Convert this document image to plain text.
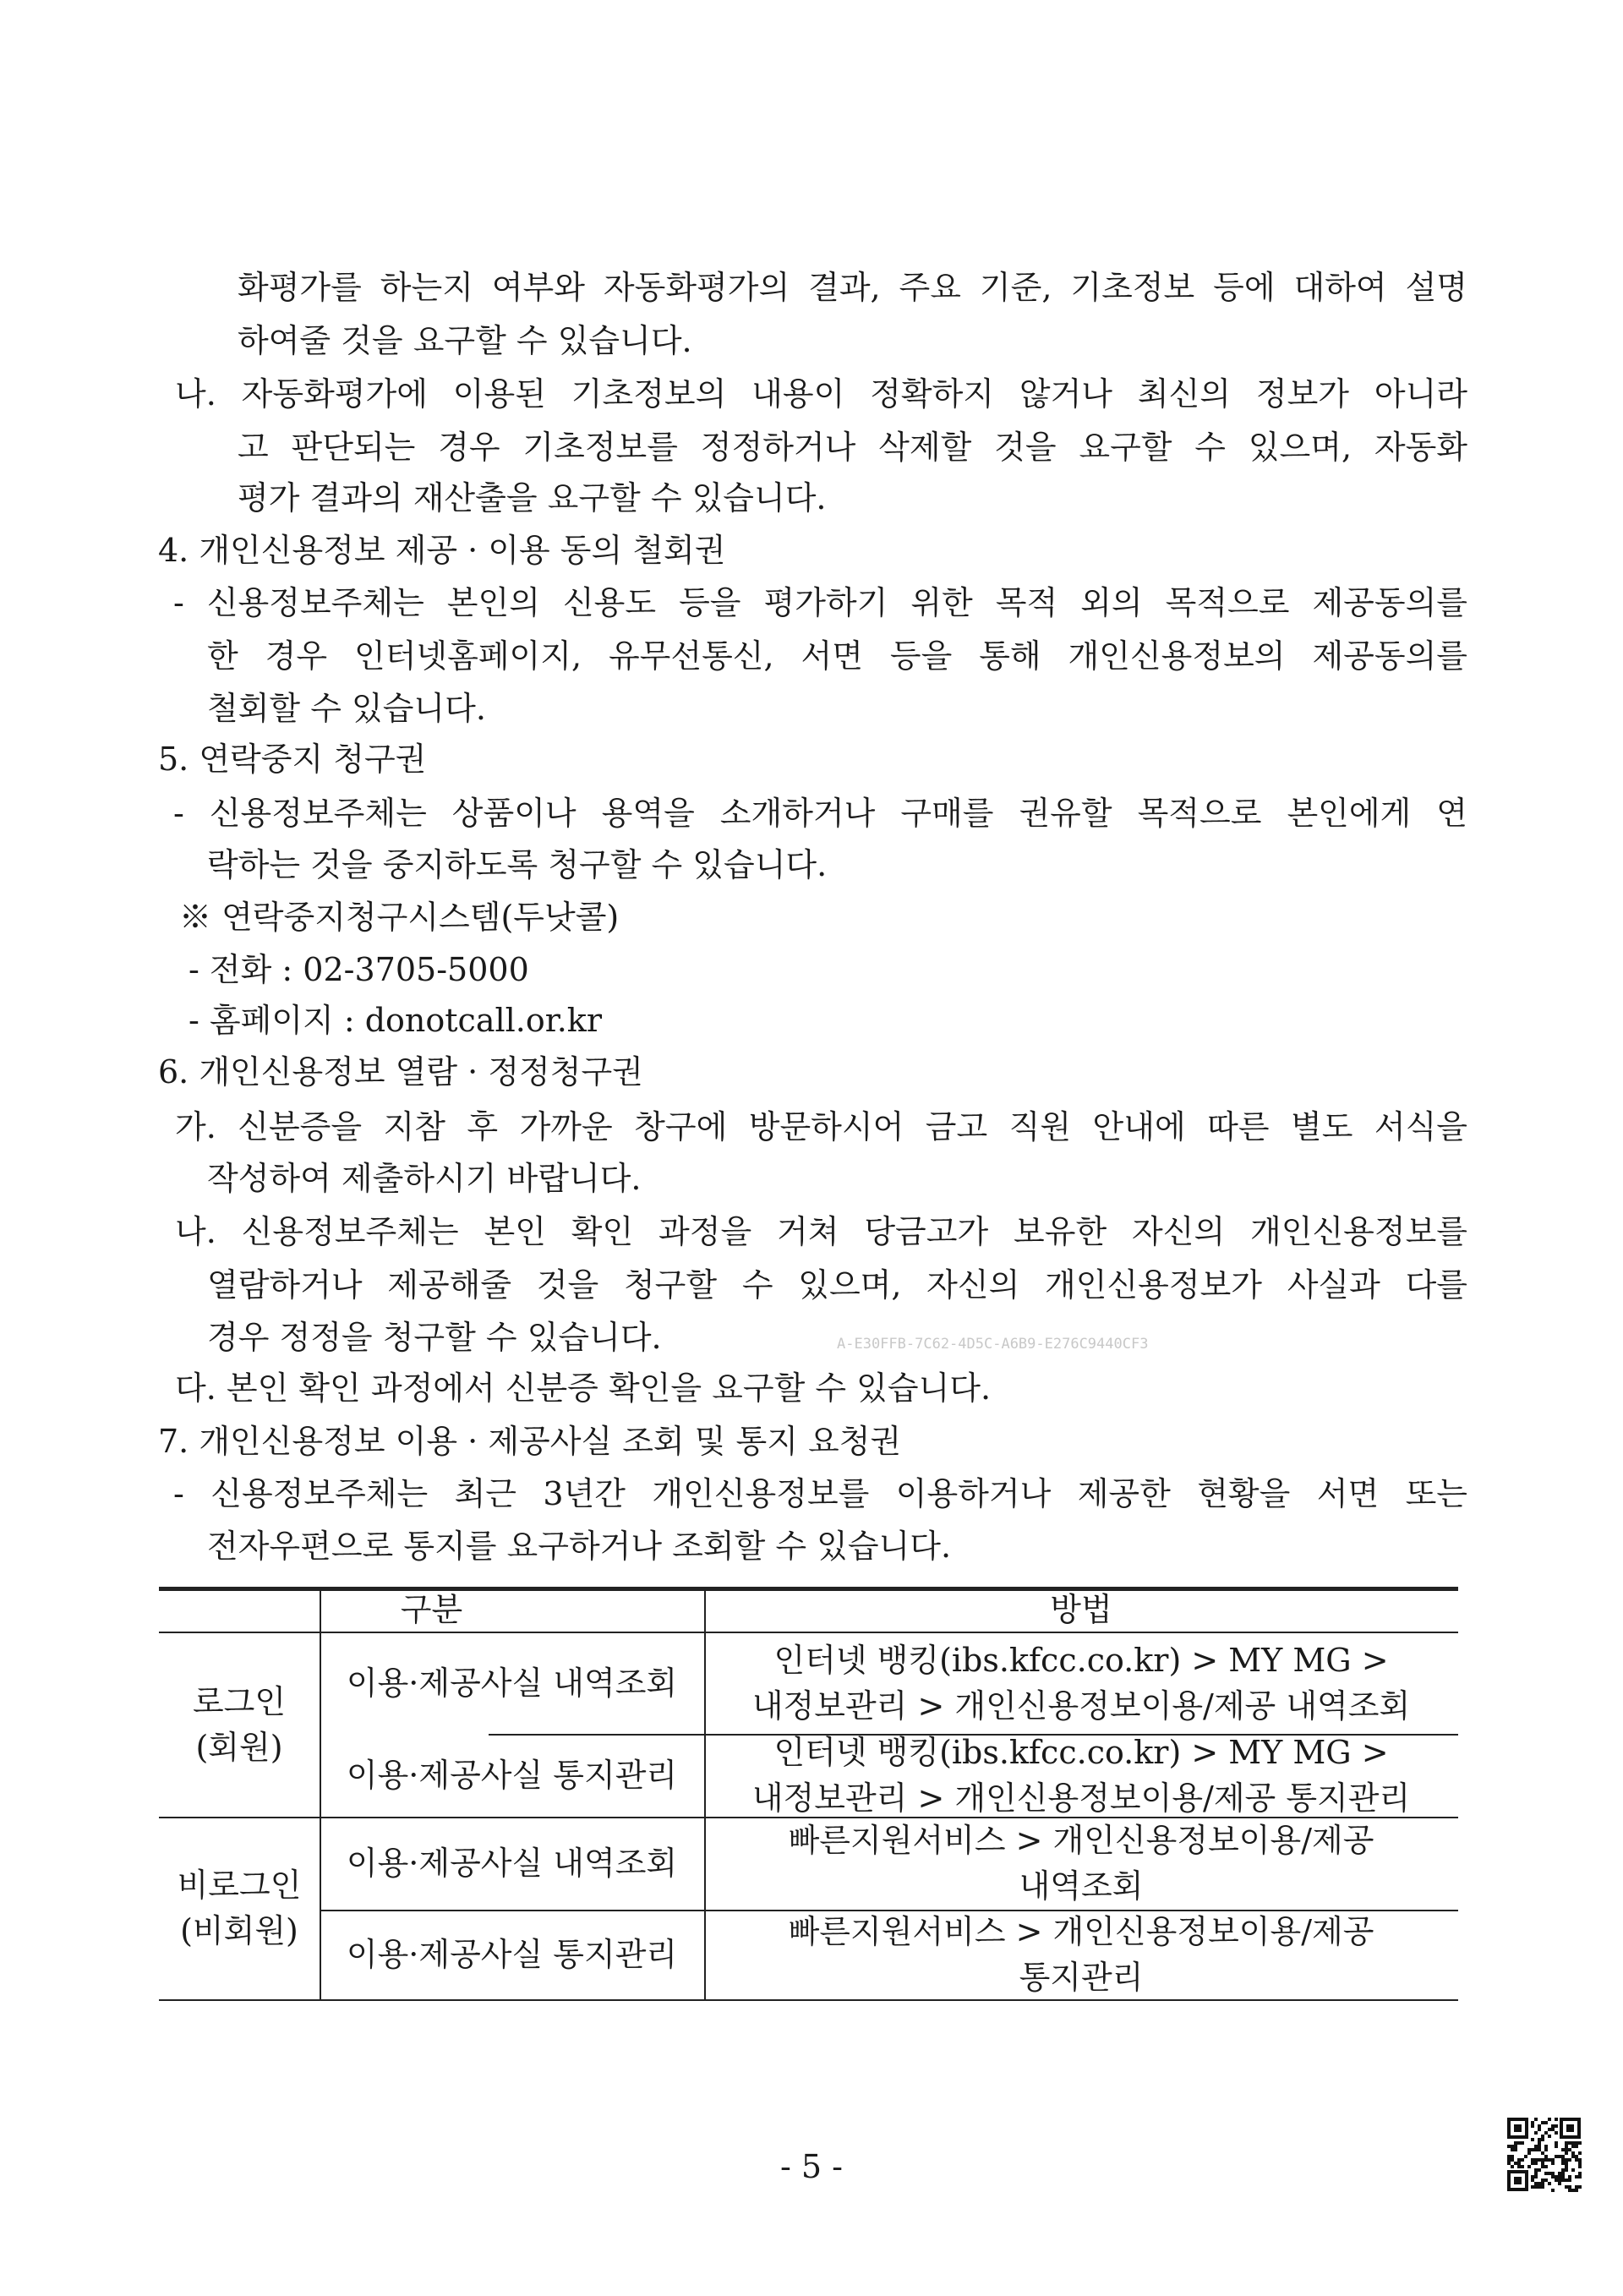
화평가를 하는지 여부와 자동화평가의 결과, 주요 기준, 기초정보 등에 대하여 설명
하여줄 것을 요구할 수 있습니다.
나. 자동화평가에 이용된 기초정보의 내용이 정확하지 않거나 최신의 정보가 아니라
고 판단되는 경우 기초정보를 정정하거나 삭제할 것을 요구할 수 있으며, 자동화
평가 결과의 재산출을 요구할 수 있습니다.
4. 개인신용정보 제공 · 이용 동의 철회권
- 신용정보주체는 본인의 신용도 등을 평가하기 위한 목적 외의 목적으로 제공동의를
한 경우 인터넷홈페이지, 유무선통신, 서면 등을 통해 개인신용정보의 제공동의를
철회할 수 있습니다.
5. 연락중지 청구권
- 신용정보주체는 상품이나 용역을 소개하거나 구매를 권유할 목적으로 본인에게 연
락하는 것을 중지하도록 청구할 수 있습니다.
※ 연락중지청구시스템(두낫콜)
- 전화 : 02-3705-5000
- 홈페이지 : donotcall.or.kr
6. 개인신용정보 열람 · 정정청구권
가. 신분증을 지참 후 가까운 창구에 방문하시어 금고 직원 안내에 따른 별도 서식을
작성하여 제출하시기 바랍니다.
나. 신용정보주체는 본인 확인 과정을 거쳐 당금고가 보유한 자신의 개인신용정보를
열람하거나 제공해줄 것을 청구할 수 있으며, 자신의 개인신용정보가 사실과 다를
경우 정정을 청구할 수 있습니다.
다. 본인 확인 과정에서 신분증 확인을 요구할 수 있습니다.
7. 개인신용정보 이용 · 제공사실 조회 및 통지 요청권
- 신용정보주체는 최근 3년간 개인신용정보를 이용하거나 제공한 현황을 서면 또는
전자우편으로 통지를 요구하거나 조회할 수 있습니다.
A-E30FFB-7C62-4D5C-A6B9-E276C9440CF3
구분	방법
로그인
(회원)
이용·제공사실 내역조회
인터넷 뱅킹(ibs.kfcc.co.kr) > MY MG >
내정보관리 > 개인신용정보이용/제공 내역조회
이용·제공사실 통지관리
인터넷 뱅킹(ibs.kfcc.co.kr) > MY MG >
내정보관리 > 개인신용정보이용/제공 통지관리
비로그인
(비회원)
이용·제공사실 내역조회
빠른지원서비스 > 개인신용정보이용/제공
내역조회
이용·제공사실 통지관리
빠른지원서비스 > 개인신용정보이용/제공
통지관리
- 5 -
